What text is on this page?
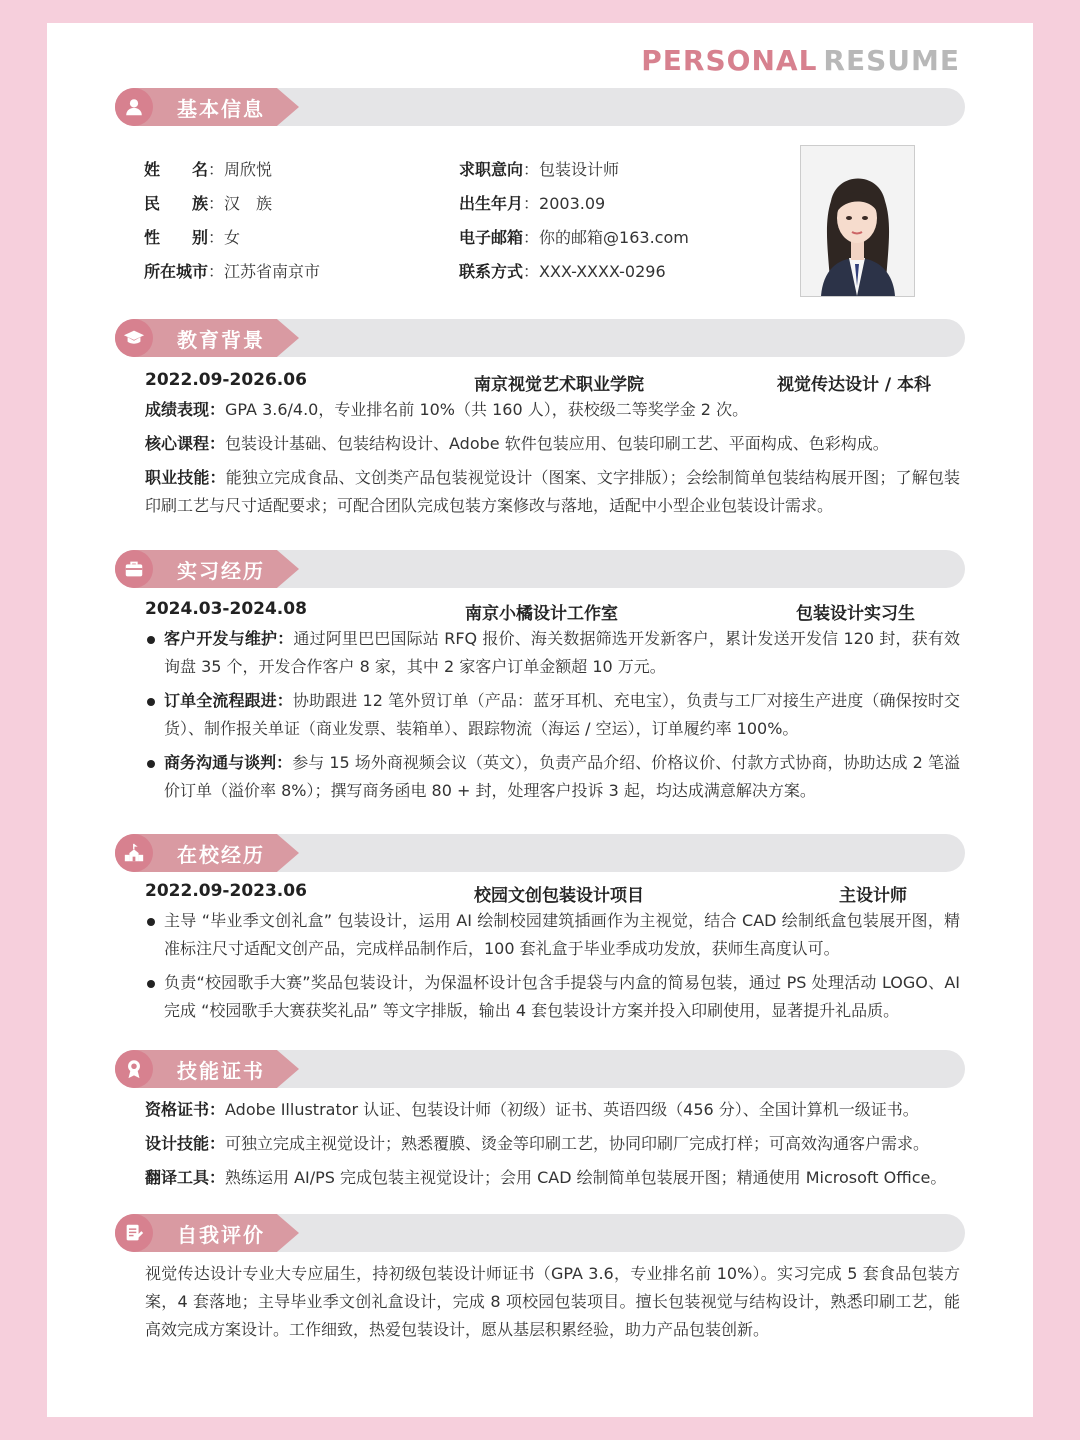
PERSONAL RESUME
基本信息
姓　　名：周欣悦
民　　族：汉　族
性　　别：女
所在城市：江苏省南京市
求职意向：包装设计师
出生年月：2003.09
电子邮箱：你的邮箱@163.com
联系方式：XXX-XXXX-0296
教育背景
2022.09-2026.06	南京视觉艺术职业学院	视觉传达设计 / 本科
成绩表现：GPA 3.6/4.0，专业排名前 10%（共 160 人），获校级二等奖学金 2 次。
核心课程：包装设计基础、包装结构设计、Adobe 软件包装应用、包装印刷工艺、平面构成、色彩构成。
职业技能：能独立完成食品、文创类产品包装视觉设计（图案、文字排版）；会绘制简单包装结构展开图；了解包装印刷工艺与尺寸适配要求；可配合团队完成包装方案修改与落地，适配中小型企业包装设计需求。
实习经历
2024.03-2024.08	南京小橘设计工作室	包装设计实习生
客户开发与维护：通过阿里巴巴国际站 RFQ 报价、海关数据筛选开发新客户，累计发送开发信 120 封，获有效询盘 35 个，开发合作客户 8 家，其中 2 家客户订单金额超 10 万元。
订单全流程跟进：协助跟进 12 笔外贸订单（产品：蓝牙耳机、充电宝），负责与工厂对接生产进度（确保按时交货）、制作报关单证（商业发票、装箱单）、跟踪物流（海运 / 空运），订单履约率 100%。
商务沟通与谈判：参与 15 场外商视频会议（英文），负责产品介绍、价格议价、付款方式协商，协助达成 2 笔溢价订单（溢价率 8%）；撰写商务函电 80 + 封，处理客户投诉 3 起，均达成满意解决方案。
在校经历
2022.09-2023.06	校园文创包装设计项目	主设计师
主导 “毕业季文创礼盒” 包装设计，运用 AI 绘制校园建筑插画作为主视觉，结合 CAD 绘制纸盒包装展开图，精准标注尺寸适配文创产品，完成样品制作后，100 套礼盒于毕业季成功发放，获师生高度认可。
负责“校园歌手大赛”奖品包装设计，为保温杯设计包含手提袋与内盒的简易包装，通过 PS 处理活动 LOGO、AI 完成 “校园歌手大赛获奖礼品” 等文字排版，输出 4 套包装设计方案并投入印刷使用，显著提升礼品质。
技能证书
资格证书：Adobe Illustrator 认证、包装设计师（初级）证书、英语四级（456 分）、全国计算机一级证书。
设计技能：可独立完成主视觉设计；熟悉覆膜、烫金等印刷工艺，协同印刷厂完成打样；可高效沟通客户需求。
翻译工具：熟练运用 AI/PS 完成包装主视觉设计；会用 CAD 绘制简单包装展开图；精通使用 Microsoft Office。
自我评价
视觉传达设计专业大专应届生，持初级包装设计师证书（GPA 3.6，专业排名前 10%）。实习完成 5 套食品包装方案，4 套落地；主导毕业季文创礼盒设计，完成 8 项校园包装项目。擅长包装视觉与结构设计，熟悉印刷工艺，能高效完成方案设计。工作细致，热爱包装设计，愿从基层积累经验，助力产品包装创新。
